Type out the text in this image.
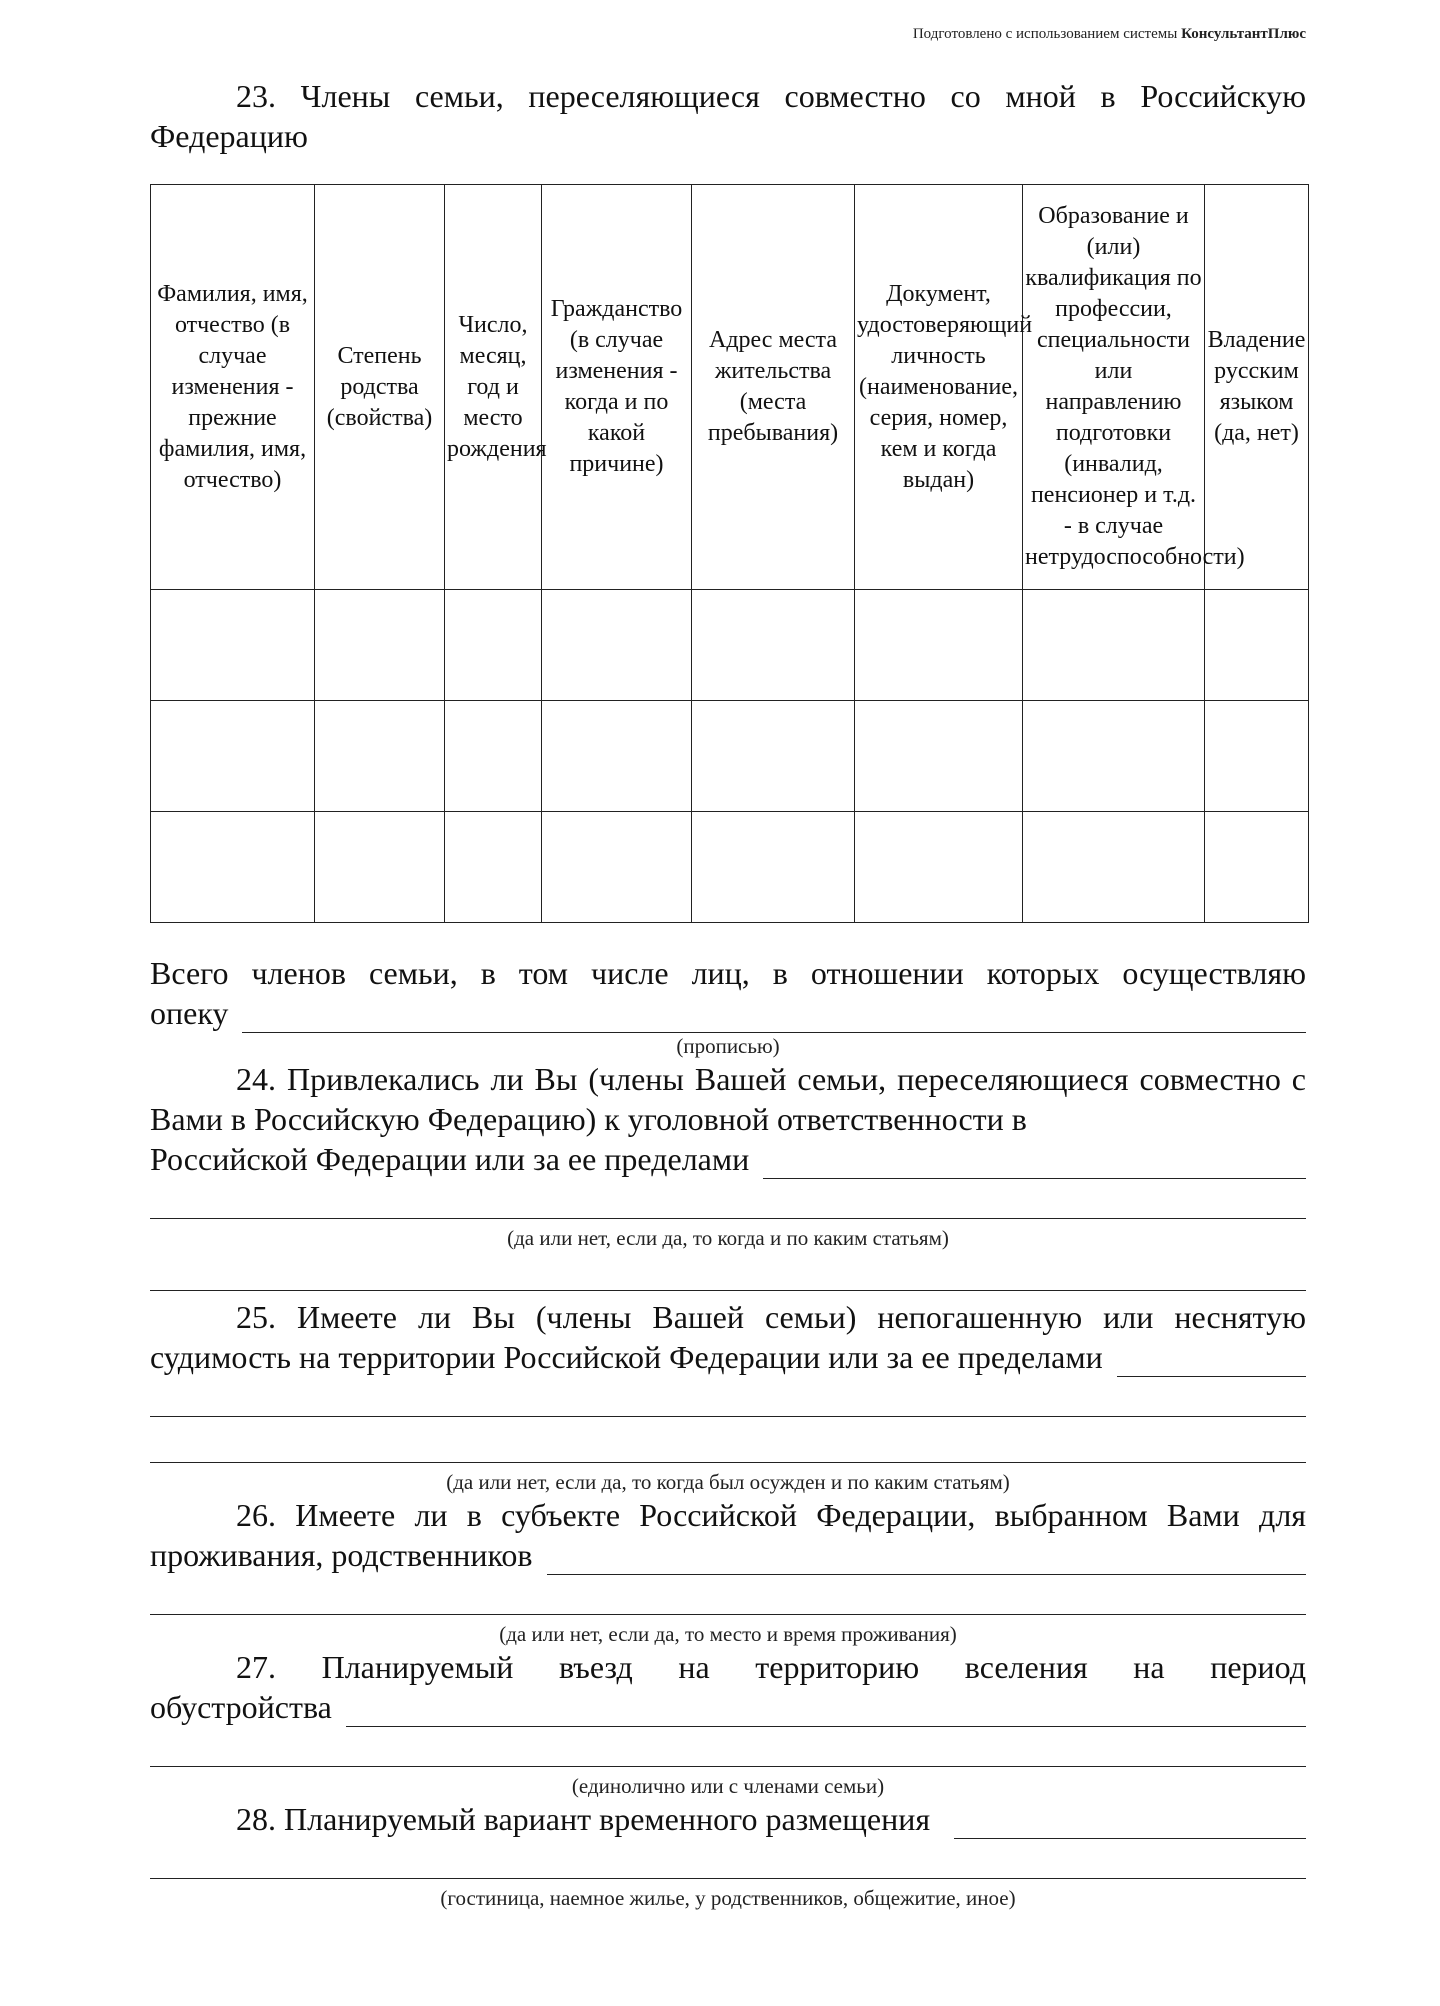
Подготовлено с использованием системы КонсультантПлюс
23. Члены семьи, переселяющиеся совместно со мной в Российскую Федерацию
Фамилия, имя, отчество (в случае изменения - прежние фамилия, имя, отчество)	Степень родства (свойства)	Число, месяц, год и место рождения	Гражданство (в случае изменения - когда и по какой причине)	Адрес места жительства (места пребывания)	Документ, удостоверяющий личность (наименование, серия, номер, кем и когда выдан)	Образование и (или) квалификация по профессии, специальности или направлению подготовки (инвалид, пенсионер и т.д. - в случае нетрудоспособности)	Владение русским языком (да, нет)

Всего членов семьи, в том числе лиц, в отношении которых осуществляю
опеку
(прописью)
24. Привлекались ли Вы (члены Вашей семьи, переселяющиеся совместно с Вами в Российскую Федерацию) к уголовной ответственности в
Российской Федерации или за ее пределами
(да или нет, если да, то когда и по каким статьям)
25. Имеете ли Вы (члены Вашей семьи) непогашенную или неснятую
судимость на территории Российской Федерации или за ее пределами
(да или нет, если да, то когда был осужден и по каким статьям)
26. Имеете ли в субъекте Российской Федерации, выбранном Вами для
проживания, родственников
(да или нет, если да, то место и время проживания)
27. Планируемый въезд на территорию вселения на период
обустройства
(единолично или с членами семьи)
28. Планируемый вариант временного размещения
(гостиница, наемное жилье, у родственников, общежитие, иное)
